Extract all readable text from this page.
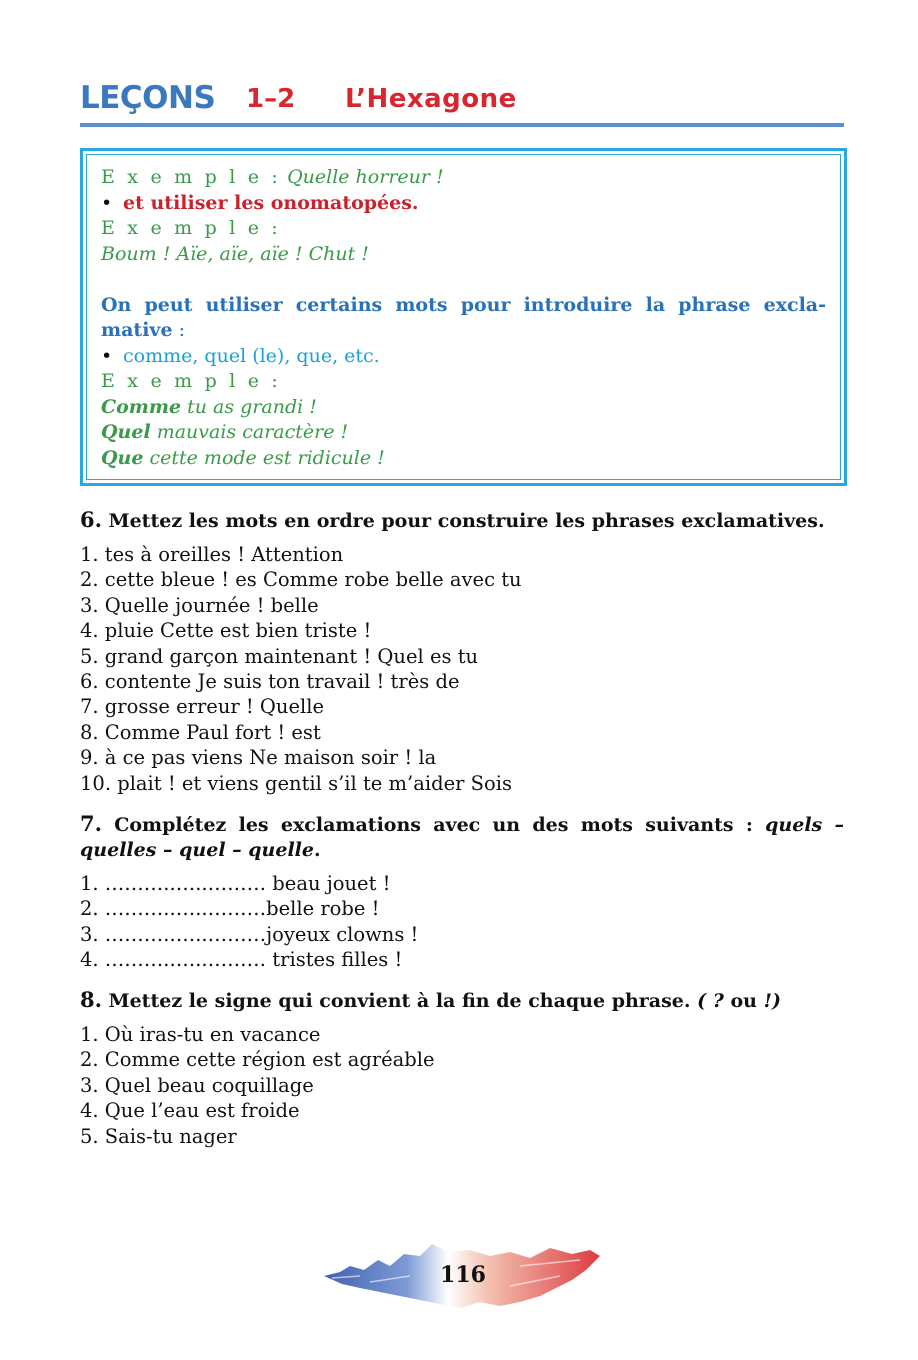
LEÇONS 1–2 L’Hexagone
E x e m p l e : Quelle horreur !
• et utiliser les onomatopées.
E x e m p l e :
Boum ! Aïe, aïe, aïe ! Chut !
On peut utiliser certains mots pour introduire la phrase excla-
mative :
• comme, quel (le), que, etc.
E x e m p l e :
Comme tu as grandi !
Quel mauvais caractère !
Que cette mode est ridicule !

6. Mettez les mots en ordre pour construire les phrases exclamatives.

1. tes à oreilles ! Attention
2. cette bleue ! es Comme robe belle avec tu
3. Quelle journée ! belle
4. pluie Cette est bien triste !
5. grand garçon maintenant ! Quel es tu
6. contente Je suis ton travail ! très de
7. grosse erreur ! Quelle
8. Comme Paul fort ! est
9. à ce pas viens Ne maison soir ! la
10. plait ! et viens gentil s’il te m’aider Sois

7. Complétez les exclamations avec un des mots suivants : quels –

quelles – quel – quelle.

1. ………..…..……… beau jouet !
2. ………..…..………belle robe !
3. ………..…..………joyeux clowns !
4. ………..…..……… tristes filles !

8. Mettez le signe qui convient à la fin de chaque phrase. ( ? ou !)

1. Où iras-tu en vacance
2. Comme cette région est agréable
3. Quel beau coquillage
4. Que l’eau est froide
5. Sais-tu nager
116
